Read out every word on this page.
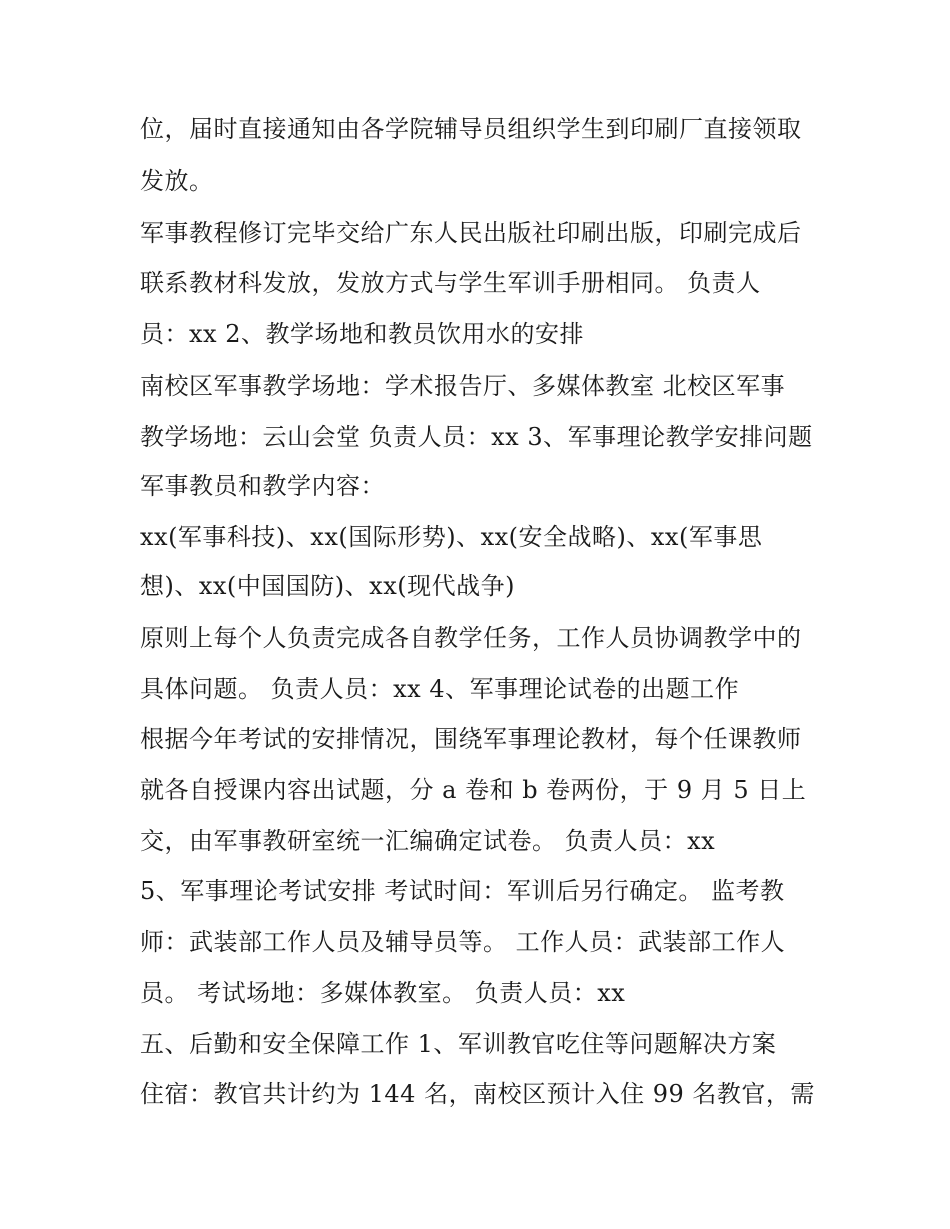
位，届时直接通知由各学院辅导员组织学生到印刷厂直接领取
发放。
军事教程修订完毕交给广东人民出版社印刷出版，印刷完成后
联系教材科发放，发放方式与学生军训手册相同。 负责人
员：xx 2、教学场地和教员饮用水的安排
南校区军事教学场地：学术报告厅、多媒体教室 北校区军事
教学场地：云山会堂 负责人员：xx 3、军事理论教学安排问题
军事教员和教学内容：
xx(军事科技)、xx(国际形势)、xx(安全战略)、xx(军事思
想)、xx(中国国防)、xx(现代战争)
原则上每个人负责完成各自教学任务，工作人员协调教学中的
具体问题。 负责人员：xx 4、军事理论试卷的出题工作
根据今年考试的安排情况，围绕军事理论教材，每个任课教师
就各自授课内容出试题，分 a 卷和 b 卷两份，于 9 月 5 日上
交，由军事教研室统一汇编确定试卷。 负责人员：xx
5、军事理论考试安排 考试时间：军训后另行确定。 监考教
师：武装部工作人员及辅导员等。 工作人员：武装部工作人
员。 考试场地：多媒体教室。 负责人员：xx
五、后勤和安全保障工作 1、军训教官吃住等问题解决方案
住宿：教官共计约为 144 名，南校区预计入住 99 名教官，需
